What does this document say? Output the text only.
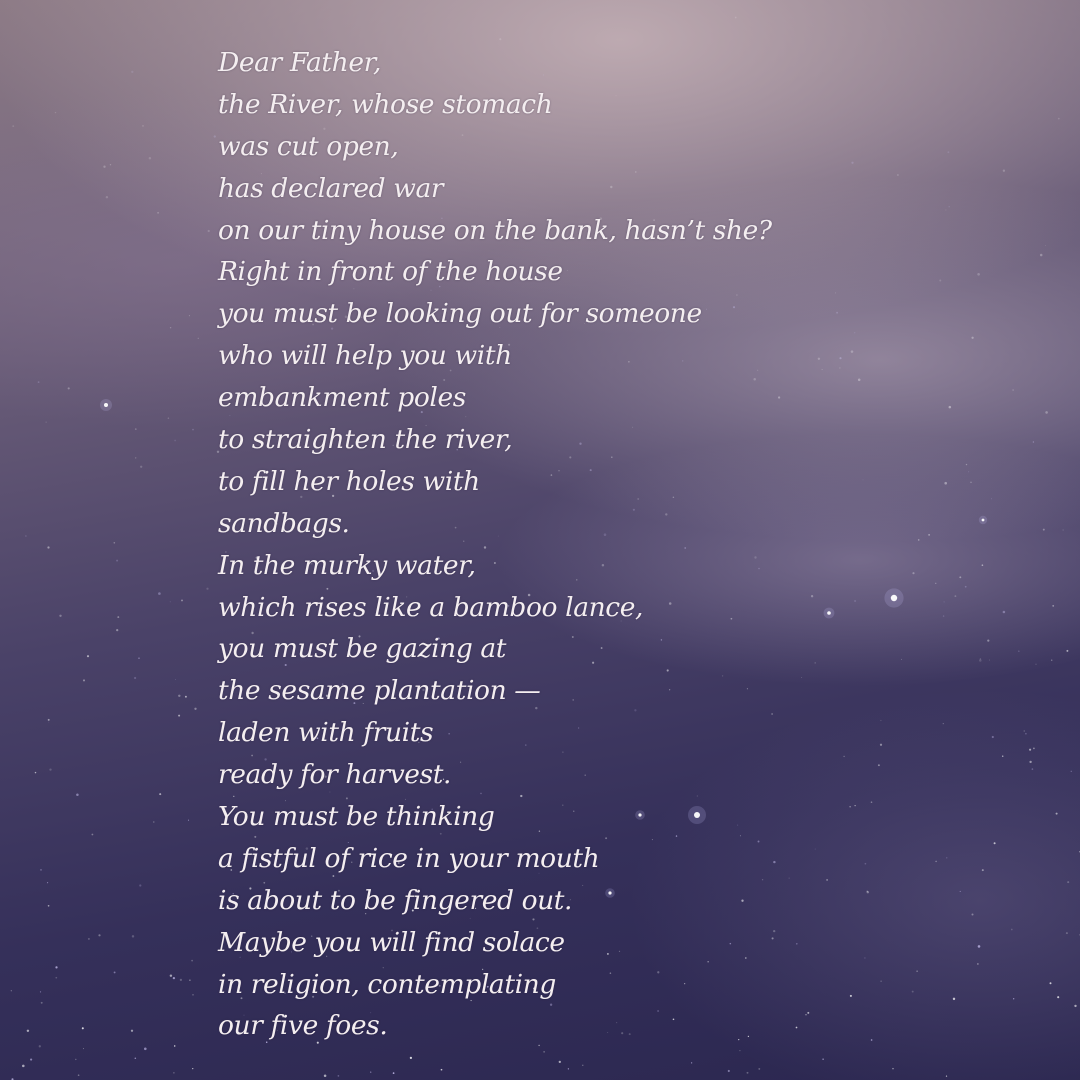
Dear Father,
the River, whose stomach
was cut open,
has declared war
on our tiny house on the bank, hasn’t she?
Right in front of the house
you must be looking out for someone
who will help you with
embankment poles
to straighten the river,
to fill her holes with
sandbags.
In the murky water,
which rises like a bamboo lance,
you must be gazing at
the sesame plantation —
laden with fruits
ready for harvest.
You must be thinking
a fistful of rice in your mouth
is about to be fingered out.
Maybe you will find solace
in religion, contemplating
our five foes.
